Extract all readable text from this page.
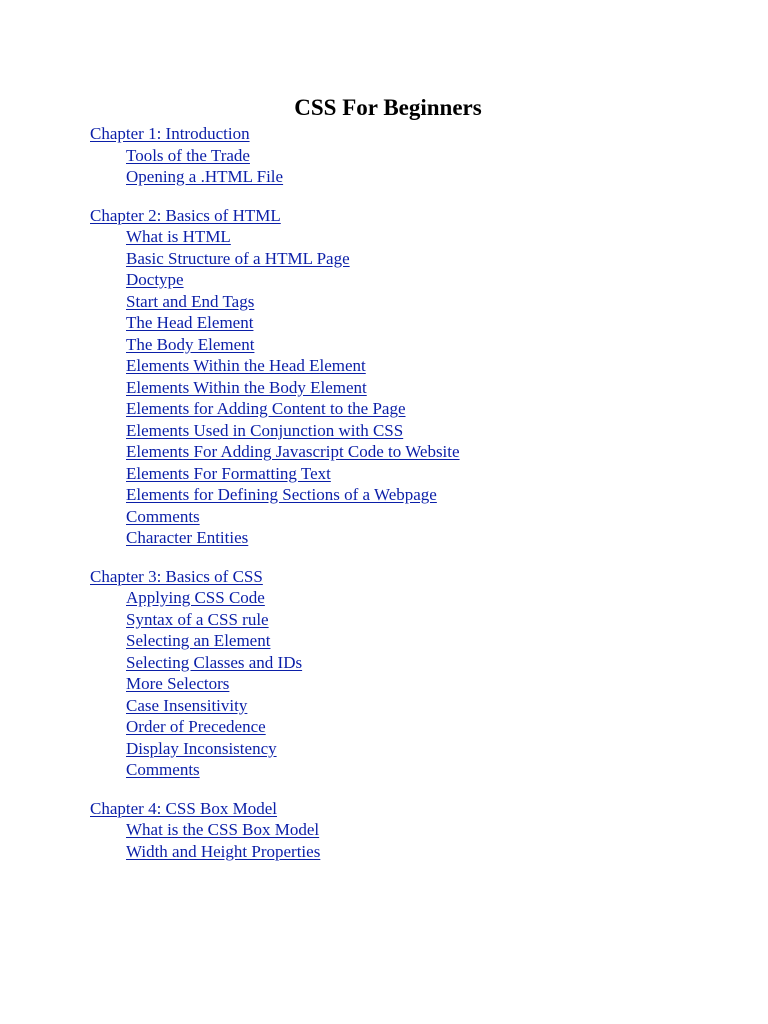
CSS For Beginners
Chapter 1: Introduction
Tools of the Trade
Opening a .HTML File
Chapter 2: Basics of HTML
What is HTML
Basic Structure of a HTML Page
Doctype
Start and End Tags
The Head Element
The Body Element
Elements Within the Head Element
Elements Within the Body Element
Elements for Adding Content to the Page
Elements Used in Conjunction with CSS
Elements For Adding Javascript Code to Website
Elements For Formatting Text
Elements for Defining Sections of a Webpage
Comments
Character Entities
Chapter 3: Basics of CSS
Applying CSS Code
Syntax of a CSS rule
Selecting an Element
Selecting Classes and IDs
More Selectors
Case Insensitivity
Order of Precedence
Display Inconsistency
Comments
Chapter 4: CSS Box Model
What is the CSS Box Model
Width and Height Properties
